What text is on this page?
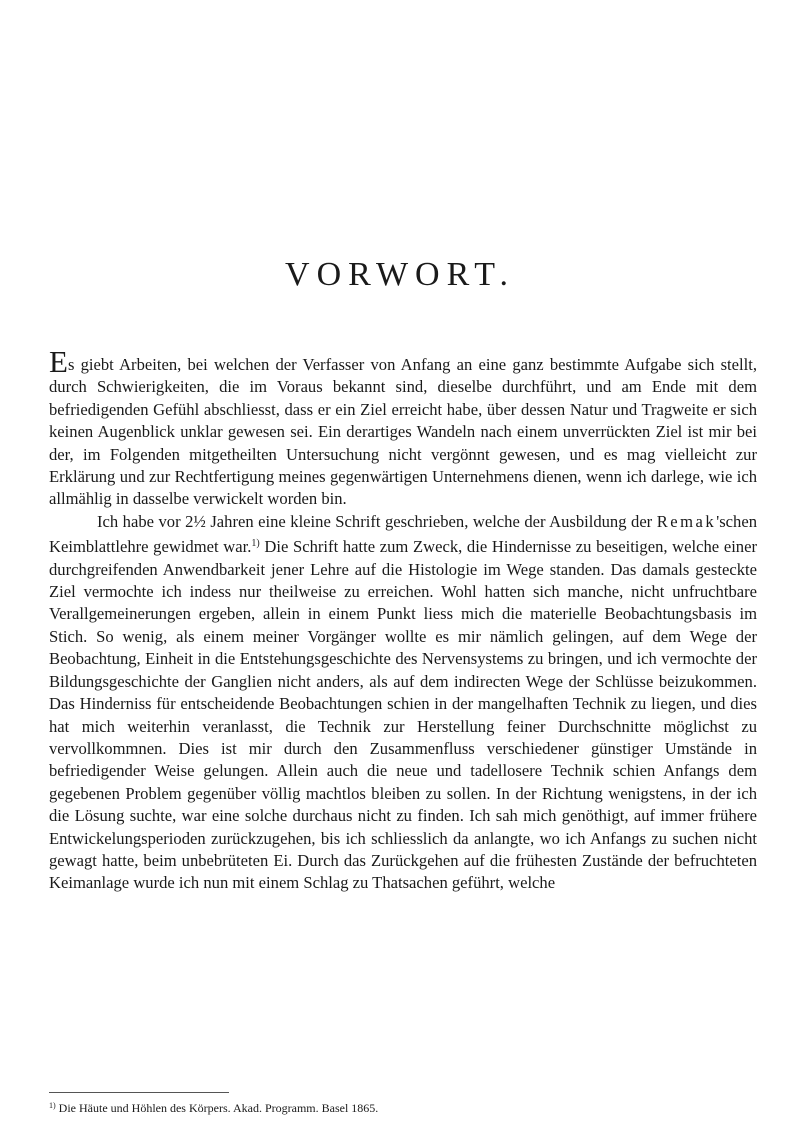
VORWORT.

Es giebt Arbeiten, bei welchen der Verfasser von Anfang an eine ganz bestimmte Aufgabe sich stellt, durch Schwierigkeiten, die im Voraus bekannt sind, dieselbe durchführt, und am Ende mit dem befriedigenden Gefühl abschliesst, dass er ein Ziel erreicht habe, über dessen Natur und Tragweite er sich keinen Augenblick unklar gewesen sei. Ein derartiges Wandeln nach einem unverrückten Ziel ist mir bei der, im Folgenden mitgetheilten Untersuchung nicht vergönnt gewesen, und es mag vielleicht zur Erklärung und zur Rechtfertigung meines gegenwärtigen Unternehmens dienen, wenn ich darlege, wie ich allmählig in dasselbe verwickelt worden bin.

Ich habe vor 2½ Jahren eine kleine Schrift geschrieben, welche der Ausbildung der Remak'schen Keimblattlehre gewidmet war.$^{1)}$ Die Schrift hatte zum Zweck, die Hindernisse zu beseitigen, welche einer durchgreifenden Anwendbarkeit jener Lehre auf die Histologie im Wege standen. Das damals gesteckte Ziel vermochte ich indess nur theilweise zu erreichen. Wohl hatten sich manche, nicht unfruchtbare Verallgemeinerungen ergeben, allein in einem Punkt liess mich die materielle Beobachtungsbasis im Stich. So wenig, als einem meiner Vorgänger wollte es mir nämlich gelingen, auf dem Wege der Beobachtung, Einheit in die Entstehungsgeschichte des Nervensystems zu bringen, und ich vermochte der Bildungsgeschichte der Ganglien nicht anders, als auf dem indirecten Wege der Schlüsse beizukommen. Das Hinderniss für entscheidende Beobachtungen schien in der mangelhaften Technik zu liegen, und dies hat mich weiterhin veranlasst, die Technik zur Herstellung feiner Durchschnitte möglichst zu vervollkommnen. Dies ist mir durch den Zusammenfluss verschiedener günstiger Umstände in befriedigender Weise gelungen. Allein auch die neue und tadellosere Technik schien Anfangs dem gegebenen Problem gegenüber völlig machtlos bleiben zu sollen. In der Richtung wenigstens, in der ich die Lösung suchte, war eine solche durchaus nicht zu finden. Ich sah mich genöthigt, auf immer frühere Entwickelungsperioden zurückzugehen, bis ich schliesslich da anlangte, wo ich Anfangs zu suchen nicht gewagt hatte, beim unbebrüteten Ei. Durch das Zurückgehen auf die frühesten Zustände der befruchteten Keimanlage wurde ich nun mit einem Schlag zu Thatsachen geführt, welche

$^{1)}$ Die Häute und Höhlen des Körpers. Akad. Programm. Basel 1865.
